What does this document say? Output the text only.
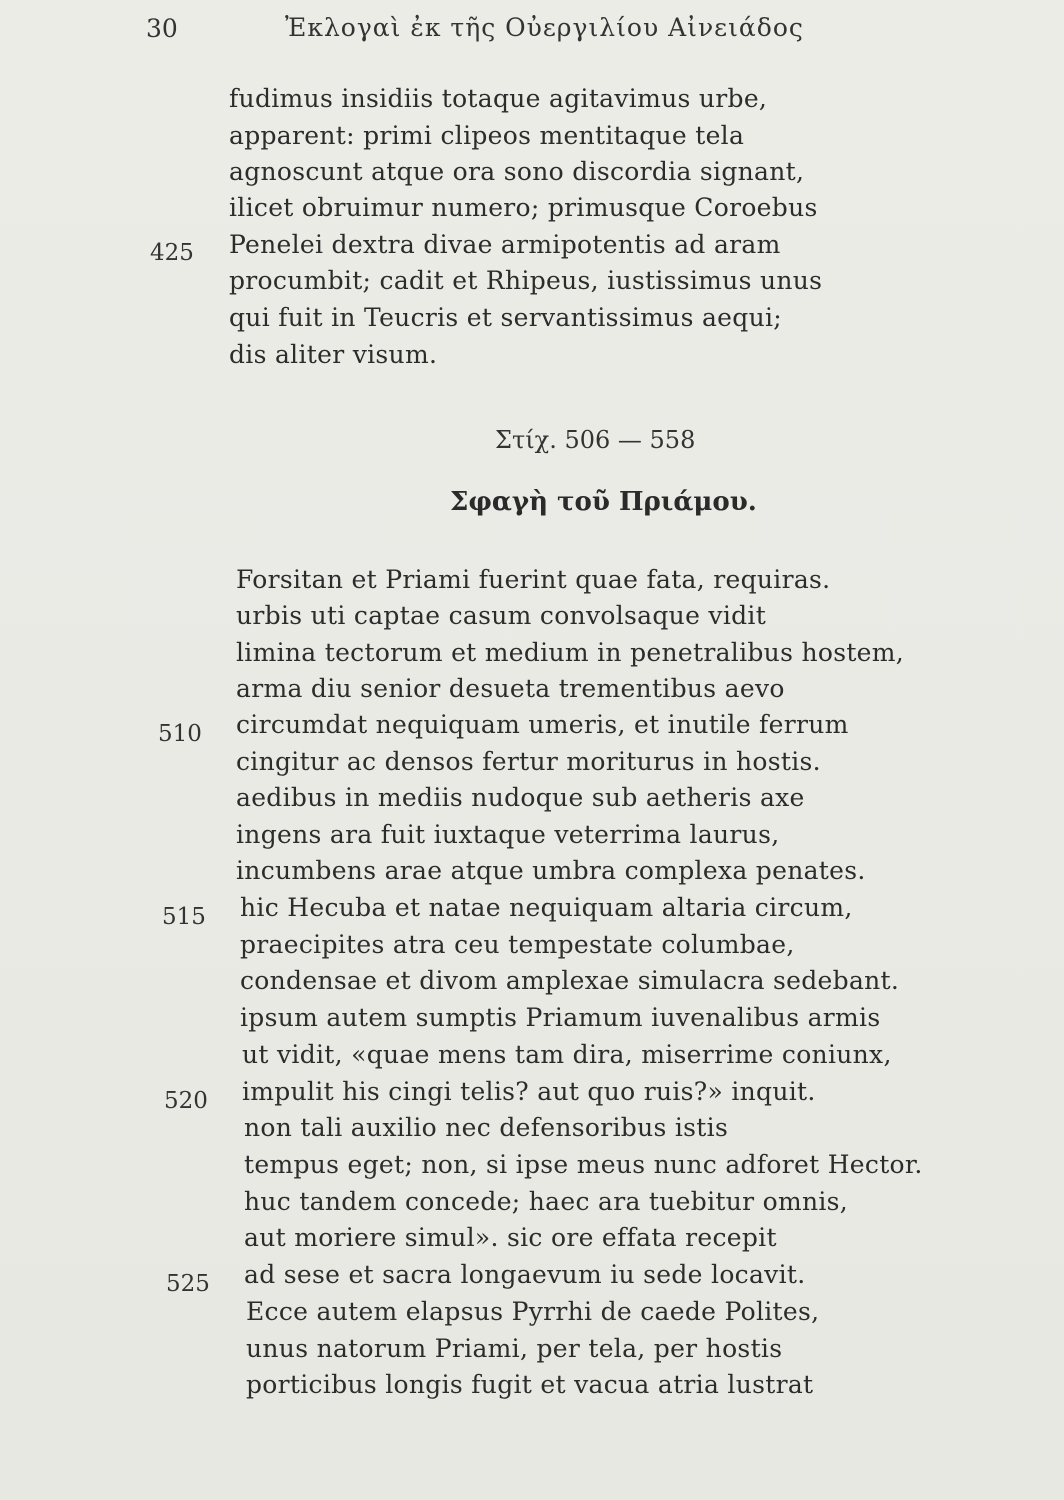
30	Ἐκλογαὶ ἐκ τῆς Οὐεργιλίου Αἰνειάδος
fudimus insidiis totaque agitavimus urbe,
apparent: primi clipeos mentitaque tela
agnoscunt atque ora sono discordia signant,
ilicet obruimur numero; primusque Coroebus
Penelei dextra divae armipotentis ad aram
procumbit; cadit et Rhipeus, iustissimus unus
qui fuit in Teucris et servantissimus aequi;
dis aliter visum.
425
Στίχ. 506 — 558
Σφαγὴ τοῦ Πριάμου.
Forsitan et Priami fuerint quae fata, requiras.
urbis uti captae casum convolsaque vidit
limina tectorum et medium in penetralibus hostem,
arma diu senior desueta trementibus aevo
circumdat nequiquam umeris, et inutile ferrum
cingitur ac densos fertur moriturus in hostis.
aedibus in mediis nudoque sub aetheris axe
ingens ara fuit iuxtaque veterrima laurus,
incumbens arae atque umbra complexa penates.
hic Hecuba et natae nequiquam altaria circum,
praecipites atra ceu tempestate columbae,
condensae et divom amplexae simulacra sedebant.
ipsum autem sumptis Priamum iuvenalibus armis
ut vidit, «quae mens tam dira, miserrime coniunx,
impulit his cingi telis? aut quo ruis?» inquit.
non tali auxilio nec defensoribus istis
tempus eget; non, si ipse meus nunc adforet Hector.
huc tandem concede; haec ara tuebitur omnis,
aut moriere simul». sic ore effata recepit
ad sese et sacra longaevum iu sede locavit.
Ecce autem elapsus Pyrrhi de caede Polites,
unus natorum Priami, per tela, per hostis
porticibus longis fugit et vacua atria lustrat
510
515
520
525
